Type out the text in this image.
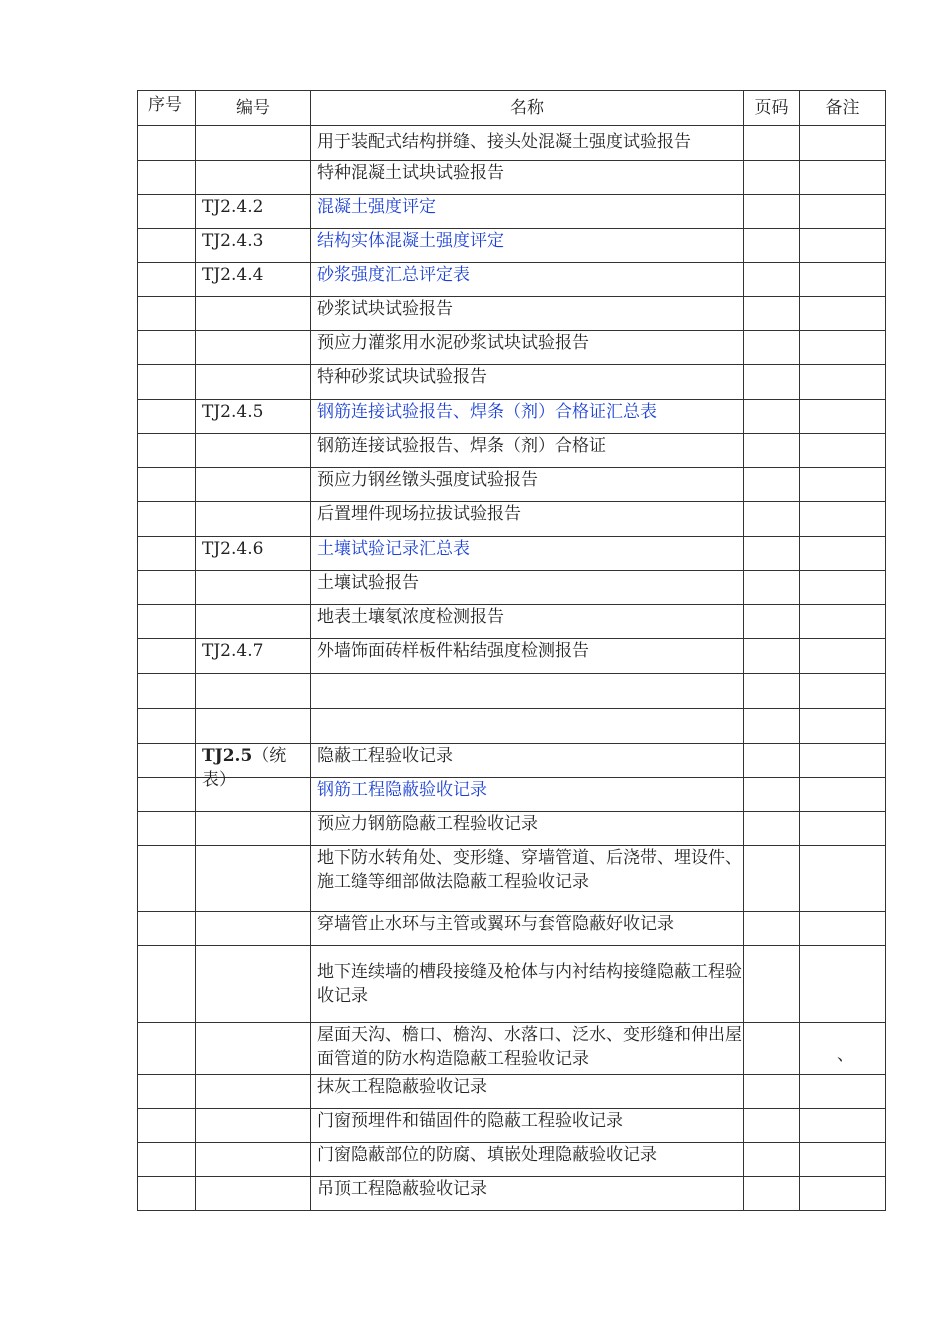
序号	编号	名称	页码	备注

		用于装配式结构拼缝、接头处混凝土强度试验报告		

		特种混凝土试块试验报告		
	TJ2.4.2	混凝土强度评定		
	TJ2.4.3	结构实体混凝土强度评定		
	TJ2.4.4	砂浆强度汇总评定表		
		砂浆试块试验报告		
		预应力灌浆用水泥砂浆试块试验报告		
		特种砂浆试块试验报告		
	TJ2.4.5	钢筋连接试验报告、焊条（剂）合格证汇总表		
		钢筋连接试验报告、焊条（剂）合格证		
		预应力钢丝镦头强度试验报告		
		后置埋件现场拉拔试验报告		
	TJ2.4.6	土壤试验记录汇总表		
		土壤试验报告		
		地表土壤氡浓度检测报告		
	TJ2.4.7	外墙饰面砖样板件粘结强度检测报告		

	TJ2.5（统表）	隐蔽工程验收记录		
		钢筋工程隐蔽验收记录		
		预应力钢筋隐蔽工程验收记录		
		地下防水转角处、变形缝、穿墙管道、后浇带、埋设件、施工缝等细部做法隐蔽工程验收记录		
		穿墙管止水环与主管或翼环与套管隐蔽好收记录		
		地下连续墙的槽段接缝及枪体与内衬结构接缝隐蔽工程验收记录		
		屋面天沟、檐口、檐沟、水落口、泛水、变形缝和伸出屋面管道的防水构造隐蔽工程验收记录		、
		抹灰工程隐蔽验收记录		
		门窗预埋件和锚固件的隐蔽工程验收记录		
		门窗隐蔽部位的防腐、填嵌处理隐蔽验收记录		
		吊顶工程隐蔽验收记录		
